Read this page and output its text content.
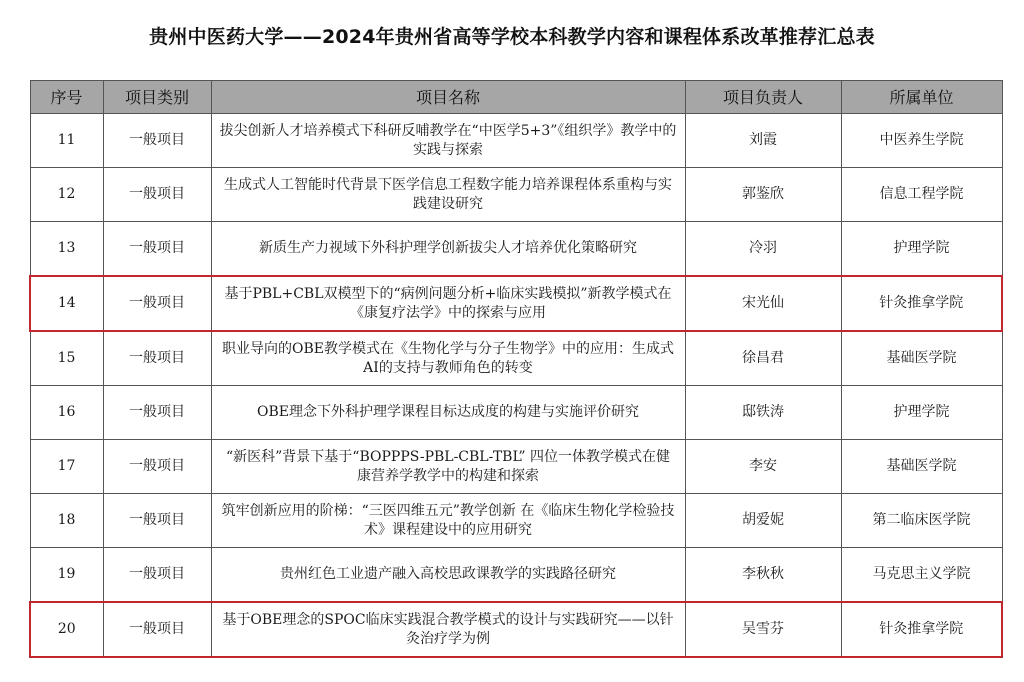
贵州中医药大学——2024年贵州省高等学校本科教学内容和课程体系改革推荐汇总表
序号	项目类别	项目名称	项目负责人	所属单位
11	一般项目	拔尖创新人才培养模式下科研反哺教学在“中医学5+3”《组织学》教学中的实践与探索	刘霞	中医养生学院
12	一般项目	生成式人工智能时代背景下医学信息工程数字能力培养课程体系重构与实践建设研究	郭鉴欣	信息工程学院
13	一般项目	新质生产力视域下外科护理学创新拔尖人才培养优化策略研究	冷羽	护理学院
14	一般项目	基于PBL+CBL双模型下的“病例问题分析+临床实践模拟”新教学模式在《康复疗法学》中的探索与应用	宋光仙	针灸推拿学院
15	一般项目	职业导向的OBE教学模式在《生物化学与分子生物学》中的应用：生成式AI的支持与教师角色的转变	徐昌君	基础医学院
16	一般项目	OBE理念下外科护理学课程目标达成度的构建与实施评价研究	邸铁涛	护理学院
17	一般项目	“新医科”背景下基于“BOPPPS-PBL-CBL-TBL” 四位一体教学模式在健康营养学教学中的构建和探索	李安	基础医学院
18	一般项目	筑牢创新应用的阶梯：“三医四维五元”教学创新 在《临床生物化学检验技术》课程建设中的应用研究	胡爱妮	第二临床医学院
19	一般项目	贵州红色工业遗产融入高校思政课教学的实践路径研究	李秋秋	马克思主义学院
20	一般项目	基于OBE理念的SPOC临床实践混合教学模式的设计与实践研究——以针灸治疗学为例	吴雪芬	针灸推拿学院
